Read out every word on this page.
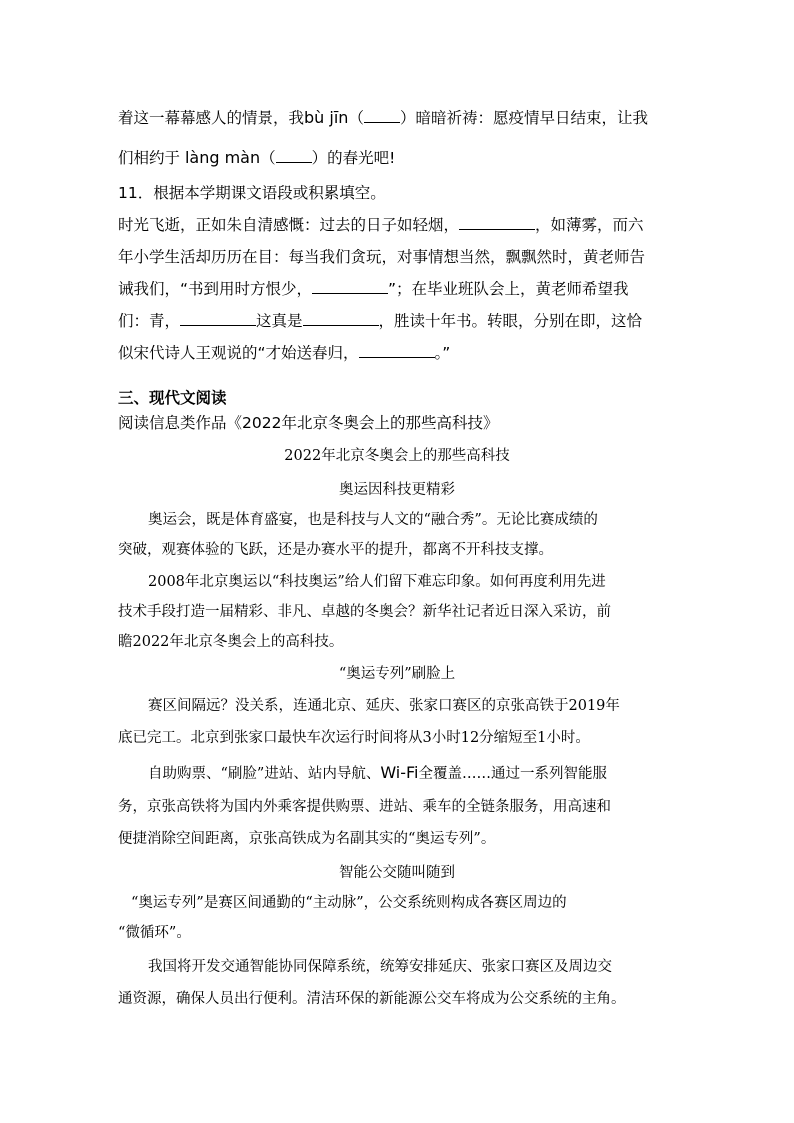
着这一幕幕感人的情景，我bù jīn（ ）暗暗祈祷：愿疫情早日结束，让我
们相约于 làng màn（ ）的春光吧!
11．根据本学期课文语段或积累填空。
时光飞逝，正如朱自清感慨：过去的日子如轻烟，	，如薄雾，而六
年小学生活却历历在目：每当我们贪玩，对事情想当然，飘飘然时，黄老师告
诫我们，“书到用时方恨少，	”；在毕业班队会上，黄老师希望我
们：青，	这真是	，胜读十年书。转眼，分别在即，这恰
似宋代诗人王观说的“才始送春归，	。”
三、现代文阅读
阅读信息类作品《2022年北京冬奥会上的那些高科技》
2022年北京冬奥会上的那些高科技
奥运因科技更精彩
奥运会，既是体育盛宴，也是科技与人文的“融合秀”。无论比赛成绩的
突破，观赛体验的飞跃，还是办赛水平的提升，都离不开科技支撑。
2008年北京奥运以“科技奥运”给人们留下难忘印象。如何再度利用先进
技术手段打造一届精彩、非凡、卓越的冬奥会？新华社记者近日深入采访，前
瞻2022年北京冬奥会上的高科技。
“奥运专列”刷脸上
赛区间隔远？没关系，连通北京、延庆、张家口赛区的京张高铁于2019年
底已完工。北京到张家口最快车次运行时间将从3小时12分缩短至1小时。
自助购票、“刷脸”进站、站内导航、Wi-Fi全覆盖……通过一系列智能服
务，京张高铁将为国内外乘客提供购票、进站、乘车的全链条服务，用高速和
便捷消除空间距离，京张高铁成为名副其实的“奥运专列”。
智能公交随叫随到
“奥运专列”是赛区间通勤的“主动脉”，公交系统则构成各赛区周边的
“微循环”。
我国将开发交通智能协同保障系统，统筹安排延庆、张家口赛区及周边交
通资源，确保人员出行便利。清洁环保的新能源公交车将成为公交系统的主角。
